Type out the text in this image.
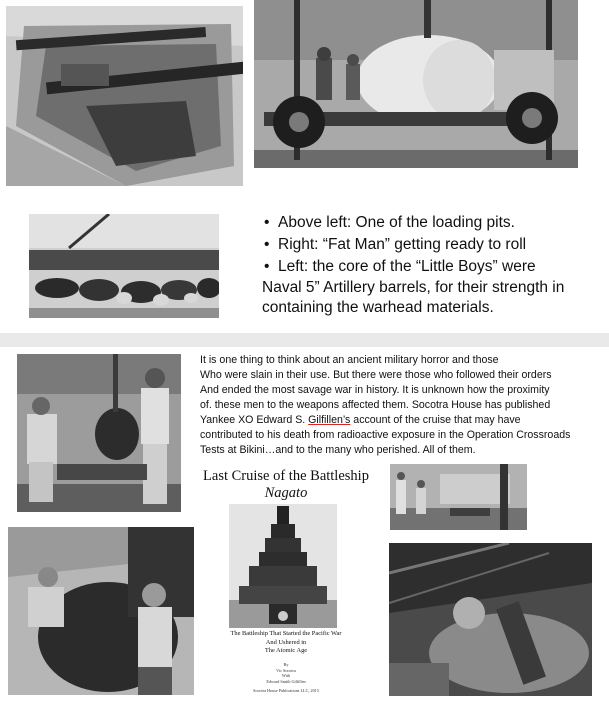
• Above left: One of the loading pits.
• Right: “Fat Man” getting ready to roll
• Left: the core of the “Little Boys” were
Naval 5” Artillery barrels, for their strength in
containing the warhead materials.
It is one thing to think about an ancient military horror and those
Who were slain in their use. But there were those who followed their orders
And ended the most savage war in history. It is unknown how the proximity
of. these men to the weapons affected them. Socotra House has published
Yankee XO Edward S. Gilfillen’s account of the cruise that may have
contributed to his death from radioactive exposure in the Operation Crossroads
Tests at Bikini…and to the many who perished. All of them.
Last Cruise of the Battleship
Nagato
The Battleship That Started the Pacific War
And Ushered in
The Atomic Age
By
Vic Socotra
With
Edward Smith Gilfillen
Socotra House Publications LLC, 2015
